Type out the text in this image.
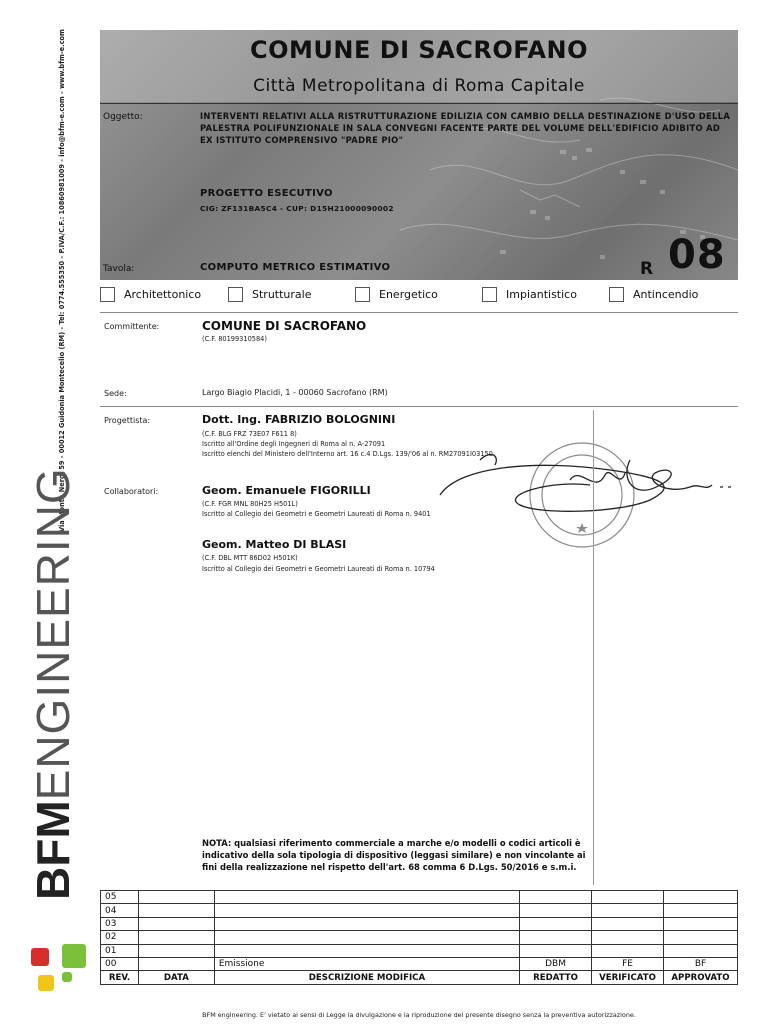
Via Monte Nero, 59 - 00012 Guidonia Montecelio (RM) - Tel: 0774.555350 - P.IVA/C.F.: 10860981009 - info@bfm-e.com - www.bfm-e.com
BFMENGINEERING
COMUNE DI SACROFANO
Città Metropolitana di Roma Capitale
Oggetto:	INTERVENTI RELATIVI ALLA RISTRUTTURAZIONE EDILIZIA CON CAMBIO DELLA DESTINAZIONE D'USO DELLA PALESTRA POLIFUNZIONALE IN SALA CONVEGNI FACENTE PARTE DEL VOLUME DELL'EDIFICIO ADIBITO AD EX ISTITUTO COMPRENSIVO "PADRE PIO"
PROGETTO ESECUTIVO
CIG: ZF131BA5C4 - CUP: D15H21000090002
Tavola:	COMPUTO METRICO ESTIMATIVO	R 08
Architettonico	Strutturale	Energetico	Impiantistico	Antincendio
Committente:	COMUNE DI SACROFANO
(C.F. 80199310584)
Sede:	Largo Biagio Placidi, 1 - 00060 Sacrofano (RM)
Progettista:	Dott. Ing. FABRIZIO BOLOGNINI
(C.F. BLG FRZ 73E07 F611 8)
Iscritto all'Ordine degli Ingegneri di Roma al n. A-27091
Iscritto elenchi del Ministero dell'Interno art. 16 c.4 D.Lgs. 139/'06 al n. RM27091I03150
Collaboratori:	Geom. Emanuele FIGORILLI
(C.F. FGR MNL 80H25 H501L)
Iscritto al Collegio dei Geometri e Geometri Laureati di Roma n. 9401
Geom. Matteo DI BLASI
(C.F. DBL MTT 86D02 H501K)
Iscritto al Collegio dei Geometri e Geometri Laureati di Roma n. 10794
NOTA: qualsiasi riferimento commerciale a marche e/o modelli o codici articoli è indicativo della sola tipologia di dispositivo (leggasi similare) e non vincolante ai fini della realizzazione nel rispetto dell'art. 68 comma 6 D.Lgs. 50/2016 e s.m.i.
05					
04					
03					
02					
01					
00		Emissione	DBM	FE	BF
REV.	DATA	DESCRIZIONE MODIFICA	REDATTO	VERIFICATO	APPROVATO
BFM engineering. E' vietato ai sensi di Legge la divulgazione e la riproduzione del presente disegno senza la preventiva autorizzazione.
